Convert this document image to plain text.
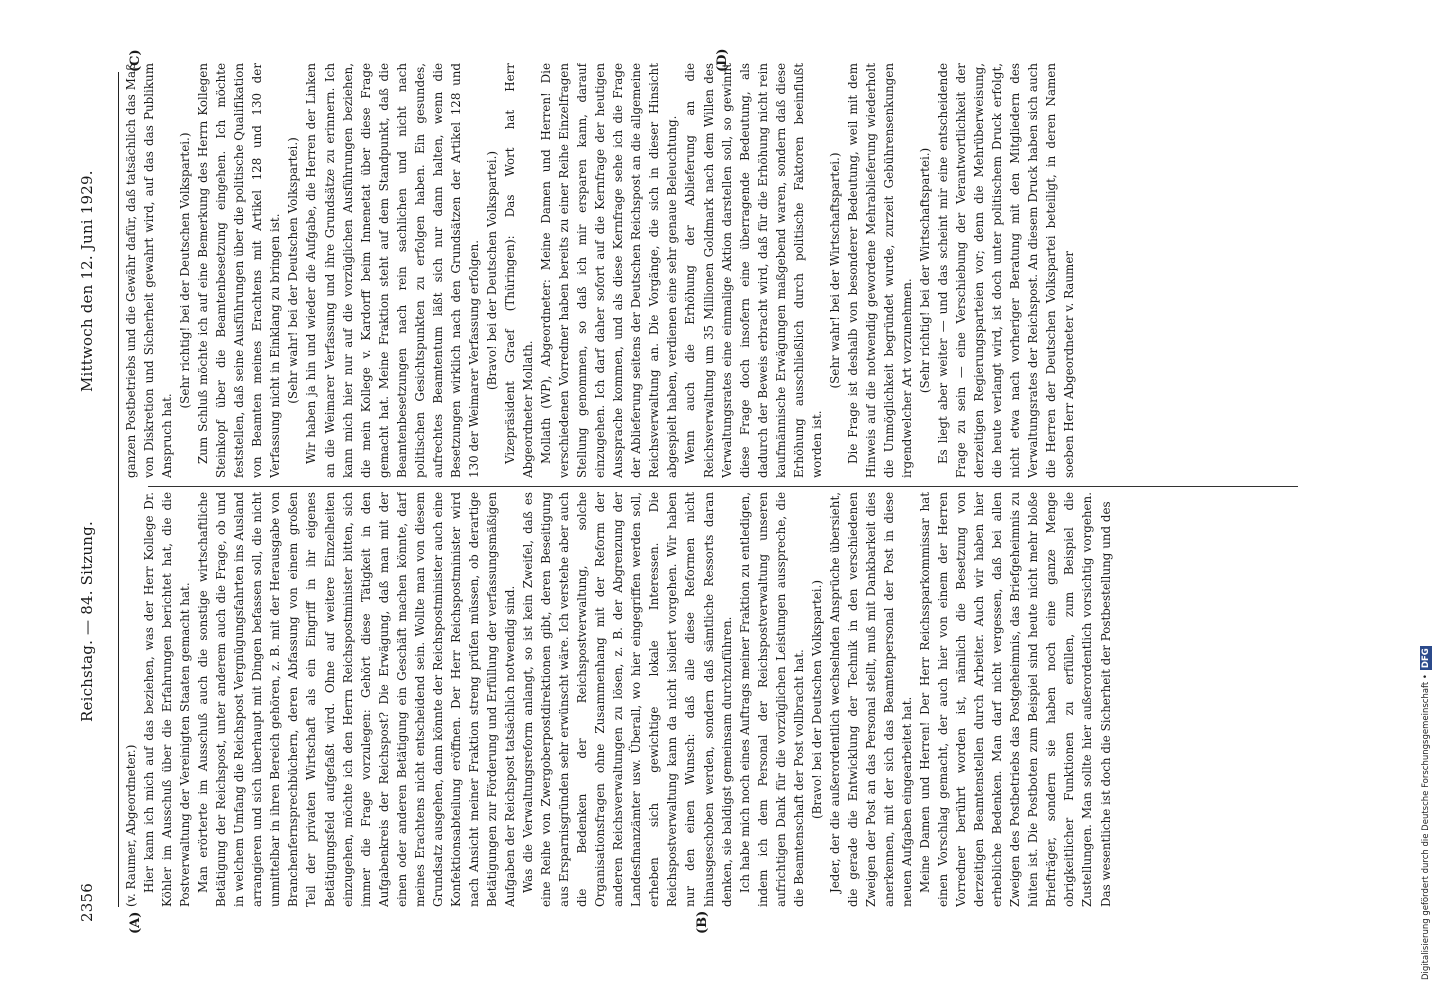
2356
Reichstag. — 84. Sitzung.
Mittwoch den 12. Juni 1929.
(A)	(B)
(C)	(D)

(v. Raumer, Abgeordneter.) Hier kann ich mich auf das beziehen, was der Herr Kollege Dr. Köhler im Ausschuß über die Erfahrungen berichtet hat, die die Postverwaltung der Vereinigten Staaten gemacht hat. Man erörterte im Ausschuß auch die sonstige wirtschaftliche Betätigung der Reichspost, unter anderem auch die Frage, ob und in welchem Umfang die Reichspost Vergnügungsfahrten ins Ausland arrangieren und sich überhaupt mit Dingen befassen soll, die nicht unmittelbar in ihren Bereich gehören, z. B. mit der Herausgabe von Branchenfernsprechbüchern, deren Abfassung von einem großen Teil der privaten Wirtschaft als ein Eingriff in ihr eigenes Betätigungsfeld aufgefaßt wird. Ohne auf weitere Einzelheiten einzugehen, möchte ich den Herrn Reichspostminister bitten, sich immer die Frage vorzulegen: Gehört diese Tätigkeit in den Aufgabenkreis der Reichspost? Die Erwägung, daß man mit der einen oder anderen Betätigung ein Geschäft machen könnte, darf meines Erachtens nicht entscheidend sein. Wollte man von diesem Grundsatz ausgehen, dann könnte der Reichspostminister auch eine Konfektionsabteilung eröffnen. Der Herr Reichspostminister wird nach Ansicht meiner Fraktion streng prüfen müssen, ob derartige Betätigungen zur Förderung und Erfüllung der verfassungsmäßigen Aufgaben der Reichspost tatsächlich notwendig sind. Was die Verwaltungsreform anlangt, so ist kein Zweifel, daß es eine Reihe von Zwergoberpostdirektionen gibt, deren Beseitigung aus Ersparnisgründen sehr erwünscht wäre. Ich verstehe aber auch die Bedenken der Reichspostverwaltung, solche Organisationsfragen ohne Zusammenhang mit der Reform der anderen Reichsverwaltungen zu lösen, z. B. der Abgrenzung der Landesfinanzämter usw. Überall, wo hier eingegriffen werden soll, erheben sich gewichtige lokale Interessen. Die Reichspostverwaltung kann da nicht isoliert vorgehen. Wir haben nur den einen Wunsch: daß alle diese Reformen nicht hinausgeschoben werden, sondern daß sämtliche Ressorts daran denken, sie baldigst gemeinsam durchzuführen. Ich habe mich noch eines Auftrags meiner Fraktion zu entledigen, indem ich dem Personal der Reichspostverwaltung unseren aufrichtigen Dank für die vorzüglichen Leistungen ausspreche, die die Beamtenschaft der Post vollbracht hat. (Bravo! bei der Deutschen Volkspartei.) Jeder, der die außerordentlich wechselnden Ansprüche übersieht, die gerade die Entwicklung der Technik in den verschiedenen Zweigen der Post an das Personal stellt, muß mit Dankbarkeit dies anerkennen, mit der sich das Beamtenpersonal der Post in diese neuen Aufgaben eingearbeitet hat. Meine Damen und Herren! Der Herr Reichssparkommissar hat einen Vorschlag gemacht, der auch hier von einem der Herren Vorredner berührt worden ist, nämlich die Besetzung von derzeitigen Beamtenstellen durch Arbeiter. Auch wir haben hier erhebliche Bedenken. Man darf nicht vergessen, daß bei allen Zweigen des Postbetriebs das Postgeheimnis, das Briefgeheimnis zu hüten ist. Die Postboten zum Beispiel sind heute nicht mehr bloße Briefträger, sondern sie haben noch eine ganze Menge obrigkeitlicher Funktionen zu erfüllen, zum Beispiel die Zustellungen. Man sollte hier außerordentlich vorsichtig vorgehen. Das wesentliche ist doch die Sicherheit der Postbestellung und des

ganzen Postbetriebs und die Gewähr dafür, daß tatsächlich das Maß von Diskretion und Sicherheit gewahrt wird, auf das das Publikum Anspruch hat.

(Sehr richtig! bei der Deutschen Volkspartei.) Zum Schluß möchte ich auf eine Bemerkung des Herrn Kollegen Steinkopf über die Beamtenbesetzung eingehen. Ich möchte feststellen, daß seine Ausführungen über die politische Qualifikation von Beamten meines Erachtens mit Artikel 128 und 130 der Verfassung nicht in Einklang zu bringen ist. (Sehr wahr! bei der Deutschen Volkspartei.) Wir haben ja hin und wieder die Aufgabe, die Herren der Linken an die Weimarer Verfassung und ihre Grundsätze zu erinnern. Ich kann mich hier nur auf die vorzüglichen Ausführungen beziehen, die mein Kollege v. Kardorff beim Innenetat über diese Frage gemacht hat. Meine Fraktion steht auf dem Standpunkt, daß die Beamtenbesetzungen nach rein sachlichen und nicht nach politischen Gesichtspunkten zu erfolgen haben. Ein gesundes, aufrechtes Beamtentum läßt sich nur dann halten, wenn die Besetzungen wirklich nach den Grundsätzen der Artikel 128 und 130 der Weimarer Verfassung erfolgen. (Bravo! bei der Deutschen Volkspartei.) Vizepräsident Graef (Thüringen): Das Wort hat Herr Abgeordneter Mollath. Mollath (WP), Abgeordneter: Meine Damen und Herren! Die verschiedenen Vorredner haben bereits zu einer Reihe Einzelfragen Stellung genommen, so daß ich mir ersparen kann, darauf einzugehen. Ich darf daher sofort auf die Kernfrage der heutigen Aussprache kommen, und als diese Kernfrage sehe ich die Frage der Ablieferung seitens der Deutschen Reichspost an die allgemeine Reichsverwaltung an. Die Vorgänge, die sich in dieser Hinsicht abgespielt haben, verdienen eine sehr genaue Beleuchtung. Wenn auch die Erhöhung der Ablieferung an die Reichsverwaltung um 35 Millionen Goldmark nach dem Willen des Verwaltungsrates eine einmalige Aktion darstellen soll, so gewinnt diese Frage doch insofern eine überragende Bedeutung, als dadurch der Beweis erbracht wird, daß für die Erhöhung nicht rein kaufmännische Erwägungen maßgebend waren, sondern daß diese Erhöhung ausschließlich durch politische Faktoren beeinflußt worden ist.

(Sehr wahr! bei der Wirtschaftspartei.) Die Frage ist deshalb von besonderer Bedeutung, weil mit dem Hinweis auf die notwendig gewordene Mehrablieferung wiederholt die Unmöglichkeit begründet wurde, zurzeit Gebührensenkungen irgendwelcher Art vorzunehmen. (Sehr richtig! bei der Wirtschaftspartei.) Es liegt aber weiter — und das scheint mir eine entscheidende Frage zu sein — eine Verschiebung der Verantwortlichkeit der derzeitigen Regierungsparteien vor; denn die Mehrüberweisung, die heute verlangt wird, ist doch unter politischem Druck erfolgt, nicht etwa nach vorheriger Beratung mit den Mitgliedern des Verwaltungsrates der Reichspost. An diesem Druck haben sich auch die Herren der Deutschen Volkspartei beteiligt, in deren Namen soeben Herr Abgeordneter v. Raumer

Digitalisierung gefördert durch die Deutsche Forschungsgemeinschaft •DFG
